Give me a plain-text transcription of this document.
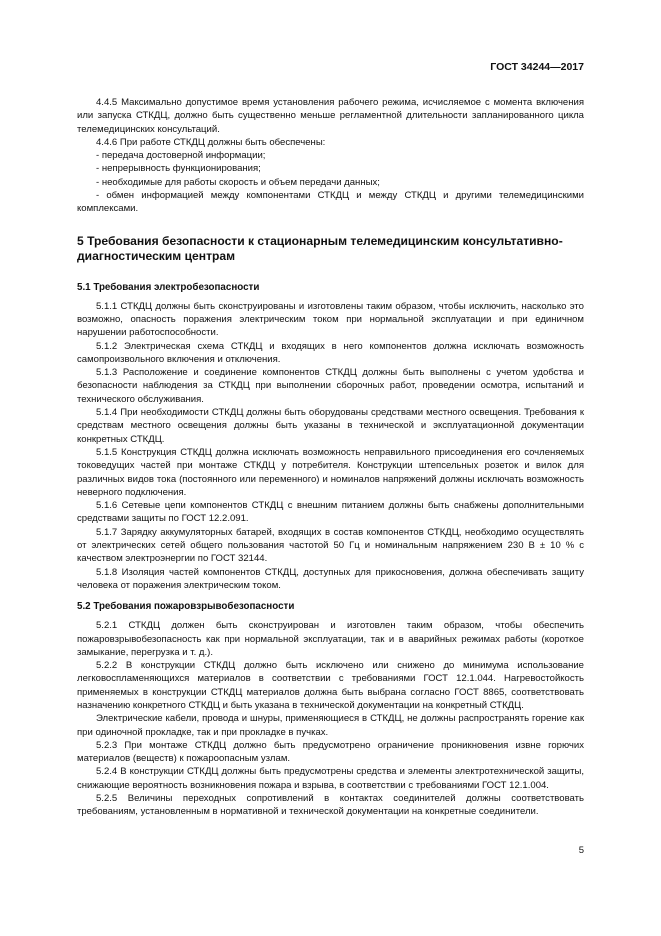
ГОСТ 34244—2017

4.4.5 Максимально допустимое время установления рабочего режима, исчисляемое с момента включения или запуска СТКДЦ, должно быть существенно меньше регламентной длительности запланированного цикла телемедицинских консультаций.

4.4.6 При работе СТКДЦ должны быть обеспечены:

- передача достоверной информации;

- непрерывность функционирования;

- необходимые для работы скорость и объем передачи данных;

- обмен информацией между компонентами СТКДЦ и между СТКДЦ и другими телемедицинскими комплексами.

5 Требования безопасности к стационарным телемедицинским консультативно-диагностическим центрам
5.1 Требования электробезопасности

5.1.1 СТКДЦ должны быть сконструированы и изготовлены таким образом, чтобы исключить, насколько это возможно, опасность поражения электрическим током при нормальной эксплуатации и при единичном нарушении работоспособности.

5.1.2 Электрическая схема СТКДЦ и входящих в него компонентов должна исключать возможность самопроизвольного включения и отключения.

5.1.3 Расположение и соединение компонентов СТКДЦ должны быть выполнены с учетом удобства и безопасности наблюдения за СТКДЦ при выполнении сборочных работ, проведении осмотра, испытаний и технического обслуживания.

5.1.4 При необходимости СТКДЦ должны быть оборудованы средствами местного освещения. Требования к средствам местного освещения должны быть указаны в технической и эксплуатационной документации конкретных СТКДЦ.

5.1.5 Конструкция СТКДЦ должна исключать возможность неправильного присоединения его сочленяемых токоведущих частей при монтаже СТКДЦ у потребителя. Конструкции штепсельных розеток и вилок для различных видов тока (постоянного или переменного) и номиналов напряжений должны исключать возможность неверного подключения.

5.1.6 Сетевые цепи компонентов СТКДЦ с внешним питанием должны быть снабжены дополнительными средствами защиты по ГОСТ 12.2.091.

5.1.7 Зарядку аккумуляторных батарей, входящих в состав компонентов СТКДЦ, необходимо осуществлять от электрических сетей общего пользования частотой 50 Гц и номинальным напряжением 230 В ± 10 % с качеством электроэнергии по ГОСТ 32144.

5.1.8 Изоляция частей компонентов СТКДЦ, доступных для прикосновения, должна обеспечивать защиту человека от поражения электрическим током.

5.2 Требования пожаровзрывобезопасности

5.2.1 СТКДЦ должен быть сконструирован и изготовлен таким образом, чтобы обеспечить пожаровзрывобезопасность как при нормальной эксплуатации, так и в аварийных режимах работы (короткое замыкание, перегрузка и т. д.).

5.2.2 В конструкции СТКДЦ должно быть исключено или снижено до минимума использование легковоспламеняющихся материалов в соответствии с требованиями ГОСТ 12.1.044. Нагревостойкость применяемых в конструкции СТКДЦ материалов должна быть выбрана согласно ГОСТ 8865, соответствовать назначению конкретного СТКДЦ и быть указана в технической документации на конкретный СТКДЦ.

Электрические кабели, провода и шнуры, применяющиеся в СТКДЦ, не должны распространять горение как при одиночной прокладке, так и при прокладке в пучках.

5.2.3 При монтаже СТКДЦ должно быть предусмотрено ограничение проникновения извне горючих материалов (веществ) к пожароопасным узлам.

5.2.4 В конструкции СТКДЦ должны быть предусмотрены средства и элементы электротехнической защиты, снижающие вероятность возникновения пожара и взрыва, в соответствии с требованиями ГОСТ 12.1.004.

5.2.5 Величины переходных сопротивлений в контактах соединителей должны соответствовать требованиям, установленным в нормативной и технической документации на конкретные соединители.

5
